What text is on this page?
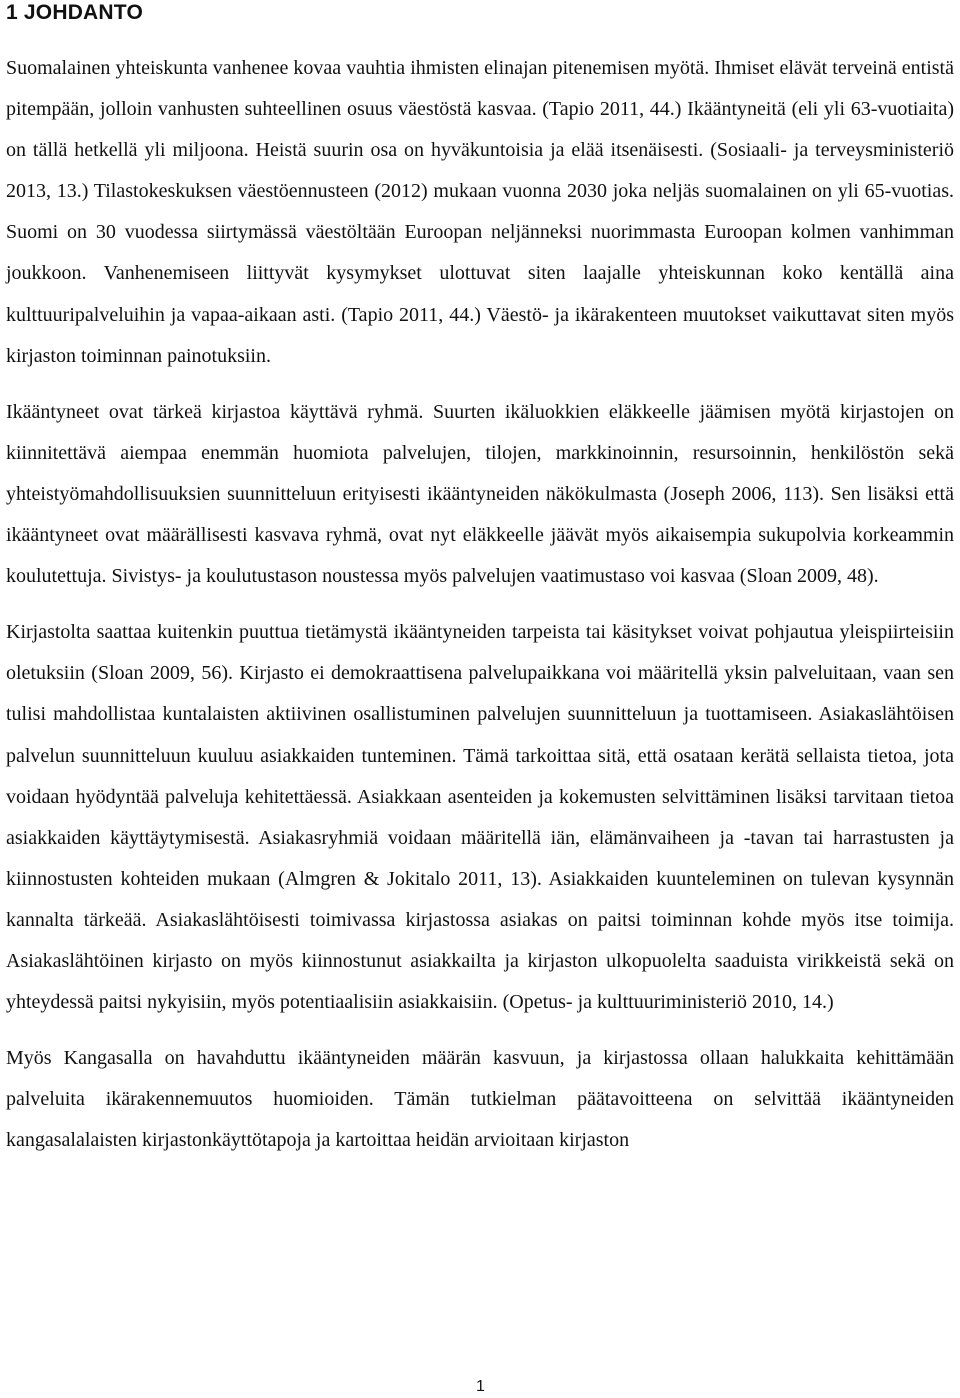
1 JOHDANTO

Suomalainen yhteiskunta vanhenee kovaa vauhtia ihmisten elinajan pitenemisen myötä. Ihmiset elävät terveinä entistä pitempään, jolloin vanhusten suhteellinen osuus väestöstä kasvaa. (Tapio 2011, 44.) Ikääntyneitä (eli yli 63-vuotiaita) on tällä hetkellä yli miljoona. Heistä suurin osa on hyväkuntoisia ja elää itsenäisesti. (Sosiaali- ja terveysministeriö 2013, 13.) Tilastokeskuksen väestöennusteen (2012) mukaan vuonna 2030 joka neljäs suomalainen on yli 65-vuotias. Suomi on 30 vuodessa siirtymässä väestöltään Euroopan neljänneksi nuorimmasta Euroopan kolmen vanhimman joukkoon. Vanhenemiseen liittyvät kysymykset ulottuvat siten laajalle yhteiskunnan koko kentällä aina kulttuuripalveluihin ja vapaa-aikaan asti. (Tapio 2011, 44.) Väestö- ja ikärakenteen muutokset vaikuttavat siten myös kirjaston toiminnan painotuksiin.

Ikääntyneet ovat tärkeä kirjastoa käyttävä ryhmä. Suurten ikäluokkien eläkkeelle jäämisen myötä kirjastojen on kiinnitettävä aiempaa enemmän huomiota palvelujen, tilojen, markkinoinnin, resursoinnin, henkilöstön sekä yhteistyömahdollisuuksien suunnitteluun erityisesti ikääntyneiden näkökulmasta (Joseph 2006, 113). Sen lisäksi että ikääntyneet ovat määrällisesti kasvava ryhmä, ovat nyt eläkkeelle jäävät myös aikaisempia sukupolvia korkeammin koulutettuja. Sivistys- ja koulutustason noustessa myös palvelujen vaatimustaso voi kasvaa (Sloan 2009, 48).

Kirjastolta saattaa kuitenkin puuttua tietämystä ikääntyneiden tarpeista tai käsitykset voivat pohjautua yleispiirteisiin oletuksiin (Sloan 2009, 56). Kirjasto ei demokraattisena palvelupaikkana voi määritellä yksin palveluitaan, vaan sen tulisi mahdollistaa kuntalaisten aktiivinen osallistuminen palvelujen suunnitteluun ja tuottamiseen. Asiakaslähtöisen palvelun suunnitteluun kuuluu asiakkaiden tunteminen. Tämä tarkoittaa sitä, että osataan kerätä sellaista tietoa, jota voidaan hyödyntää palveluja kehitettäessä. Asiakkaan asenteiden ja kokemusten selvittäminen lisäksi tarvitaan tietoa asiakkaiden käyttäytymisestä. Asiakasryhmiä voidaan määritellä iän, elämänvaiheen ja -tavan tai harrastusten ja kiinnostusten kohteiden mukaan (Almgren & Jokitalo 2011, 13). Asiakkaiden kuunteleminen on tulevan kysynnän kannalta tärkeää. Asiakaslähtöisesti toimivassa kirjastossa asiakas on paitsi toiminnan kohde myös itse toimija. Asiakaslähtöinen kirjasto on myös kiinnostunut asiakkailta ja kirjaston ulkopuolelta saaduista virikkeistä sekä on yhteydessä paitsi nykyisiin, myös potentiaalisiin asiakkaisiin. (Opetus- ja kulttuuriministeriö 2010, 14.)

Myös Kangasalla on havahduttu ikääntyneiden määrän kasvuun, ja kirjastossa ollaan halukkaita kehittämään palveluita ikärakennemuutos huomioiden. Tämän tutkielman päätavoitteena on selvittää ikääntyneiden kangasalalaisten kirjastonkäyttötapoja ja kartoittaa heidän arvioitaan kirjaston

1
